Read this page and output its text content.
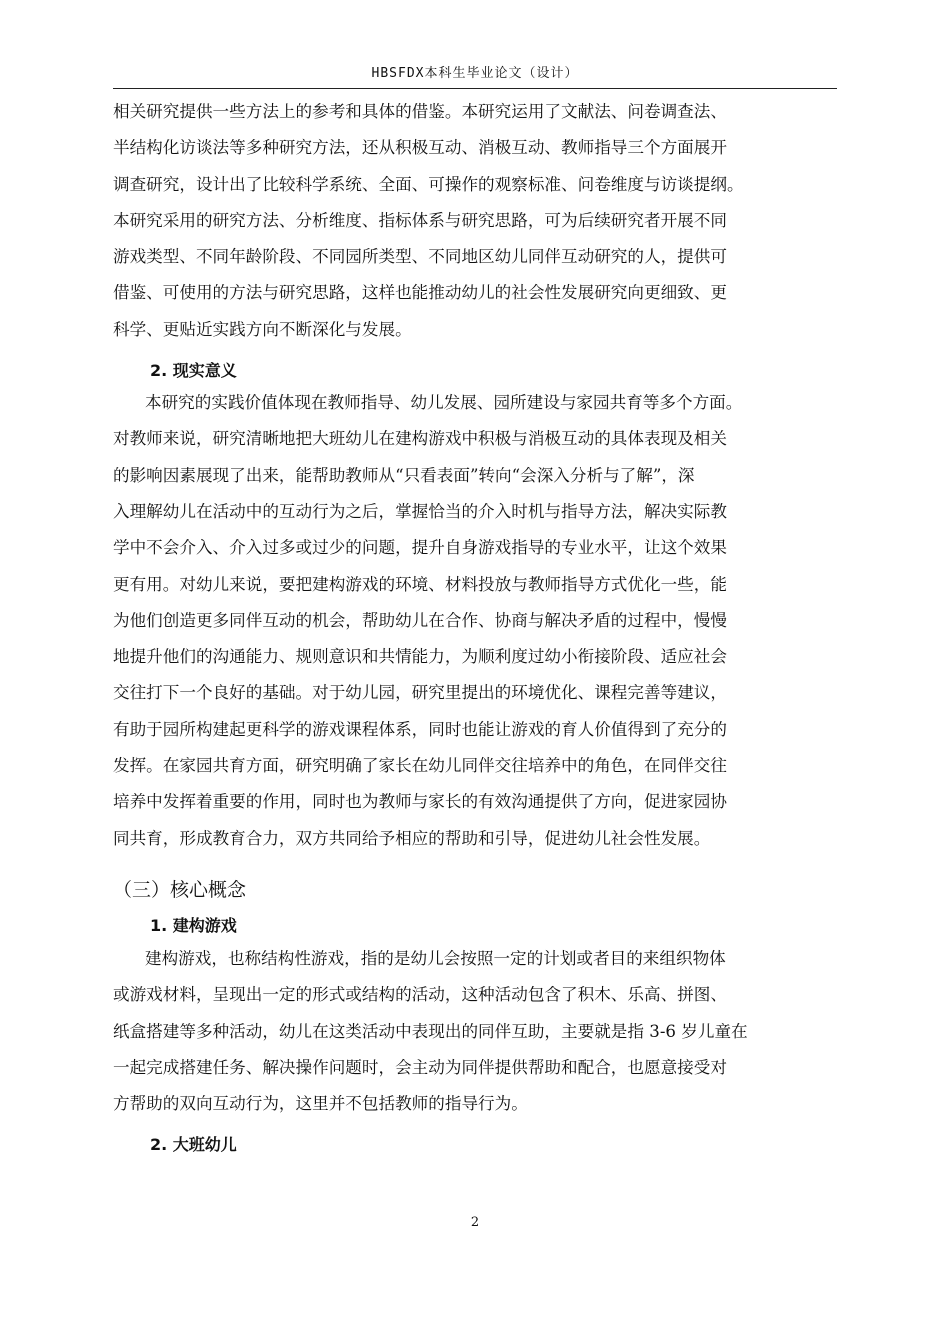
HBSFDX本科生毕业论文（设计）

相关研究提供一些方法上的参考和具体的借鉴。本研究运用了文献法、问卷调查法、
半结构化访谈法等多种研究方法，还从积极互动、消极互动、教师指导三个方面展开
调查研究，设计出了比较科学系统、全面、可操作的观察标准、问卷维度与访谈提纲。
本研究采用的研究方法、分析维度、指标体系与研究思路，可为后续研究者开展不同
游戏类型、不同年龄阶段、不同园所类型、不同地区幼儿同伴互动研究的人，提供可
借鉴、可使用的方法与研究思路，这样也能推动幼儿的社会性发展研究向更细致、更
科学、更贴近实践方向不断深化与发展。

2. 现实意义

本研究的实践价值体现在教师指导、幼儿发展、园所建设与家园共育等多个方面。
对教师来说，研究清晰地把大班幼儿在建构游戏中积极与消极互动的具体表现及相关
的影响因素展现了出来，能帮助教师从“只看表面”转向“会深入分析与了解”，深
入理解幼儿在活动中的互动行为之后，掌握恰当的介入时机与指导方法，解决实际教
学中不会介入、介入过多或过少的问题，提升自身游戏指导的专业水平，让这个效果
更有用。对幼儿来说，要把建构游戏的环境、材料投放与教师指导方式优化一些，能
为他们创造更多同伴互动的机会，帮助幼儿在合作、协商与解决矛盾的过程中，慢慢
地提升他们的沟通能力、规则意识和共情能力，为顺利度过幼小衔接阶段、适应社会
交往打下一个良好的基础。对于幼儿园，研究里提出的环境优化、课程完善等建议，
有助于园所构建起更科学的游戏课程体系，同时也能让游戏的育人价值得到了充分的
发挥。在家园共育方面，研究明确了家长在幼儿同伴交往培养中的角色，在同伴交往
培养中发挥着重要的作用，同时也为教师与家长的有效沟通提供了方向，促进家园协
同共育，形成教育合力，双方共同给予相应的帮助和引导，促进幼儿社会性发展。

（三）核心概念
1. 建构游戏

建构游戏，也称结构性游戏，指的是幼儿会按照一定的计划或者目的来组织物体
或游戏材料，呈现出一定的形式或结构的活动，这种活动包含了积木、乐高、拼图、
纸盒搭建等多种活动，幼儿在这类活动中表现出的同伴互助，主要就是指 3-6 岁儿童在
一起完成搭建任务、解决操作问题时，会主动为同伴提供帮助和配合，也愿意接受对
方帮助的双向互动行为，这里并不包括教师的指导行为。

2. 大班幼儿
2
